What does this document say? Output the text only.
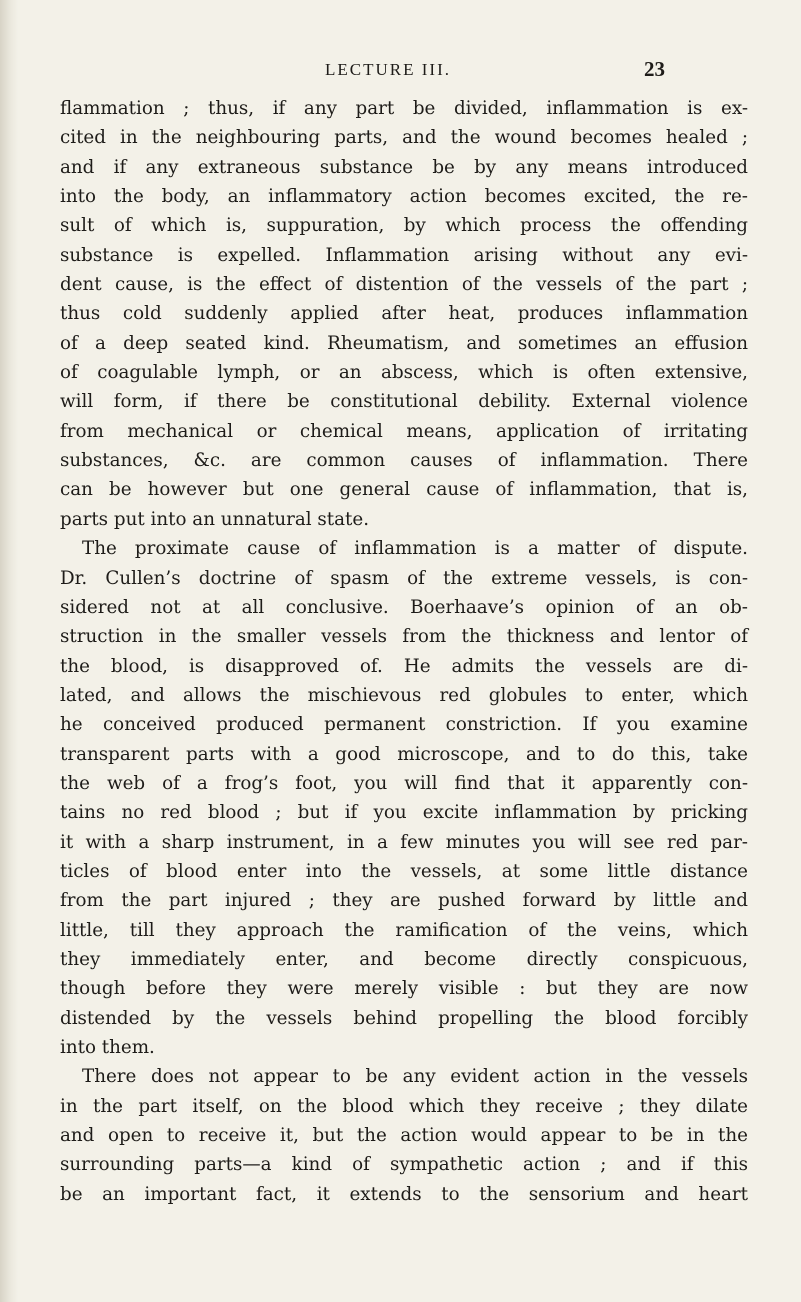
LECTURE III.	23
flammation ; thus, if any part be divided, inflammation is ex-
cited in the neighbouring parts, and the wound becomes healed ;
and if any extraneous substance be by any means introduced
into the body, an inflammatory action becomes excited, the re-
sult of which is, suppuration, by which process the offending
substance is expelled. Inflammation arising without any evi-
dent cause, is the effect of distention of the vessels of the part ;
thus cold suddenly applied after heat, produces inflammation
of a deep seated kind. Rheumatism, and sometimes an effusion
of coagulable lymph, or an abscess, which is often extensive,
will form, if there be constitutional debility. External violence
from mechanical or chemical means, application of irritating
substances, &c. are common causes of inflammation. There
can be however but one general cause of inflammation, that is,
parts put into an unnatural state.
The proximate cause of inflammation is a matter of dispute.
Dr. Cullen’s doctrine of spasm of the extreme vessels, is con-
sidered not at all conclusive. Boerhaave’s opinion of an ob-
struction in the smaller vessels from the thickness and lentor of
the blood, is disapproved of. He admits the vessels are di-
lated, and allows the mischievous red globules to enter, which
he conceived produced permanent constriction. If you examine
transparent parts with a good microscope, and to do this, take
the web of a frog’s foot, you will find that it apparently con-
tains no red blood ; but if you excite inflammation by pricking
it with a sharp instrument, in a few minutes you will see red par-
ticles of blood enter into the vessels, at some little distance
from the part injured ; they are pushed forward by little and
little, till they approach the ramification of the veins, which
they immediately enter, and become directly conspicuous,
though before they were merely visible : but they are now
distended by the vessels behind propelling the blood forcibly
into them.
There does not appear to be any evident action in the vessels
in the part itself, on the blood which they receive ; they dilate
and open to receive it, but the action would appear to be in the
surrounding parts—a kind of sympathetic action ; and if this
be an important fact, it extends to the sensorium and heart
